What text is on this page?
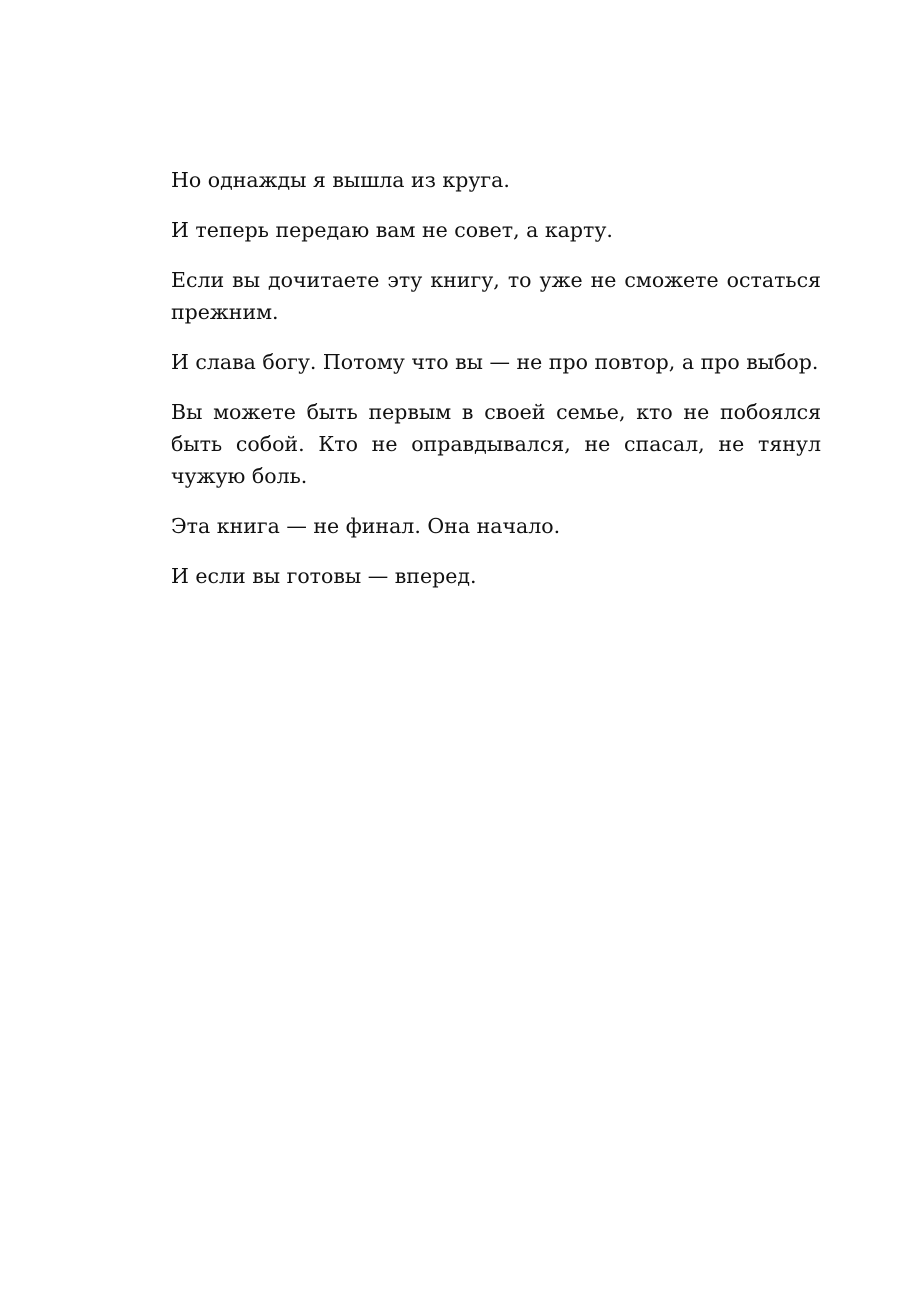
Но однажды я вышла из круга.

И теперь передаю вам не совет, а карту.

Если вы дочитаете эту книгу, то уже не сможете остаться прежним.

И слава богу. Потому что вы — не про повтор, а про выбор.

Вы можете быть первым в своей семье, кто не побоялся быть собой. Кто не оправдывался, не спасал, не тянул чужую боль.

Эта книга — не финал. Она начало.

И если вы готовы — вперед.
